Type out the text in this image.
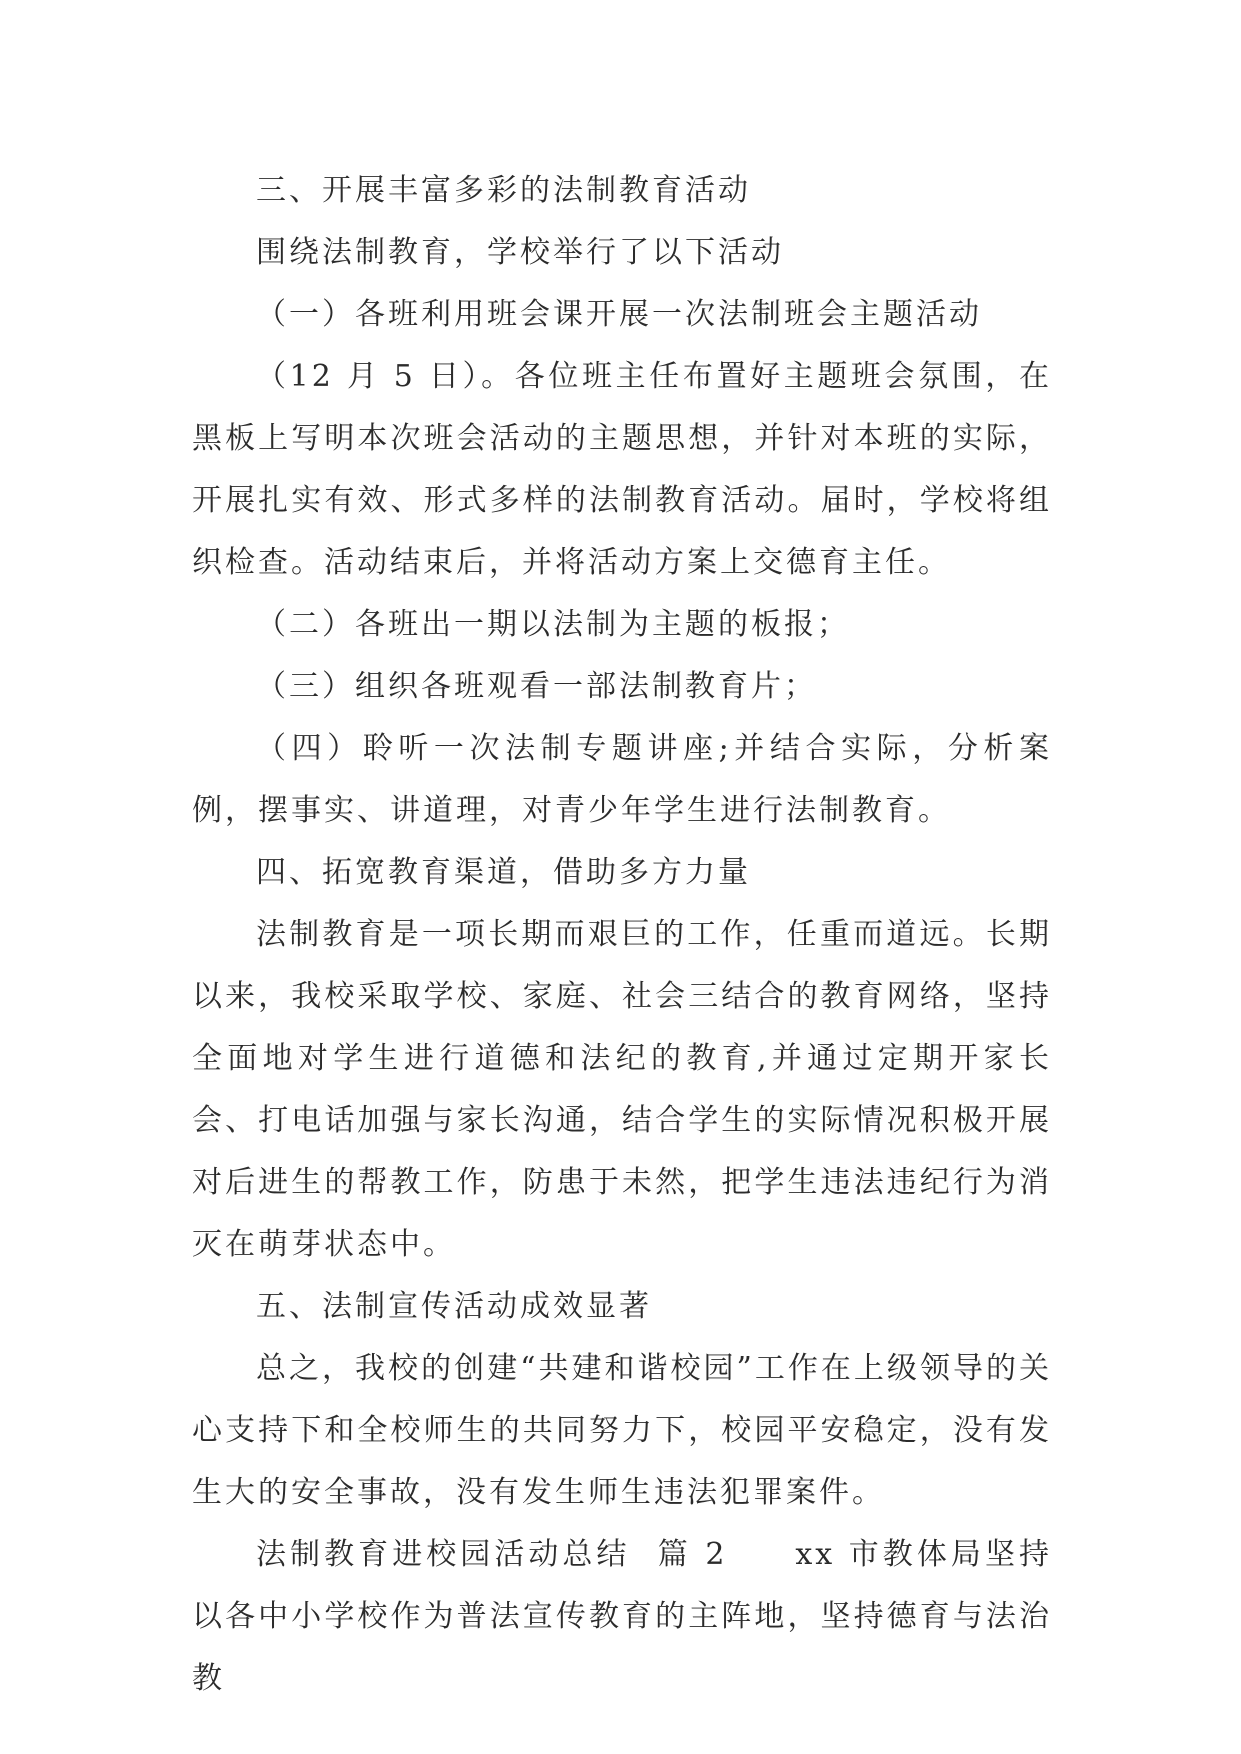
三、开展丰富多彩的法制教育活动

围绕法制教育，学校举行了以下活动

（一）各班利用班会课开展一次法制班会主题活动

（12 月 5 日）。各位班主任布置好主题班会氛围，在黑板上写明本次班会活动的主题思想，并针对本班的实际，开展扎实有效、形式多样的法制教育活动。届时，学校将组织检查。活动结束后，并将活动方案上交德育主任。

（二）各班出一期以法制为主题的板报；

（三）组织各班观看一部法制教育片；

（四）聆听一次法制专题讲座;并结合实际，分析案例，摆事实、讲道理，对青少年学生进行法制教育。

四、拓宽教育渠道，借助多方力量

法制教育是一项长期而艰巨的工作，任重而道远。长期以来，我校采取学校、家庭、社会三结合的教育网络，坚持全面地对学生进行道德和法纪的教育,并通过定期开家长会、打电话加强与家长沟通，结合学生的实际情况积极开展对后进生的帮教工作，防患于未然，把学生违法违纪行为消灭在萌芽状态中。

五、法制宣传活动成效显著

总之，我校的创建“共建和谐校园”工作在上级领导的关心支持下和全校师生的共同努力下，校园平安稳定，没有发生大的安全事故，没有发生师生违法犯罪案件。

法制教育进校园活动总结  篇 2     xx 市教体局坚持以各中小学校作为普法宣传教育的主阵地，坚持德育与法治教
